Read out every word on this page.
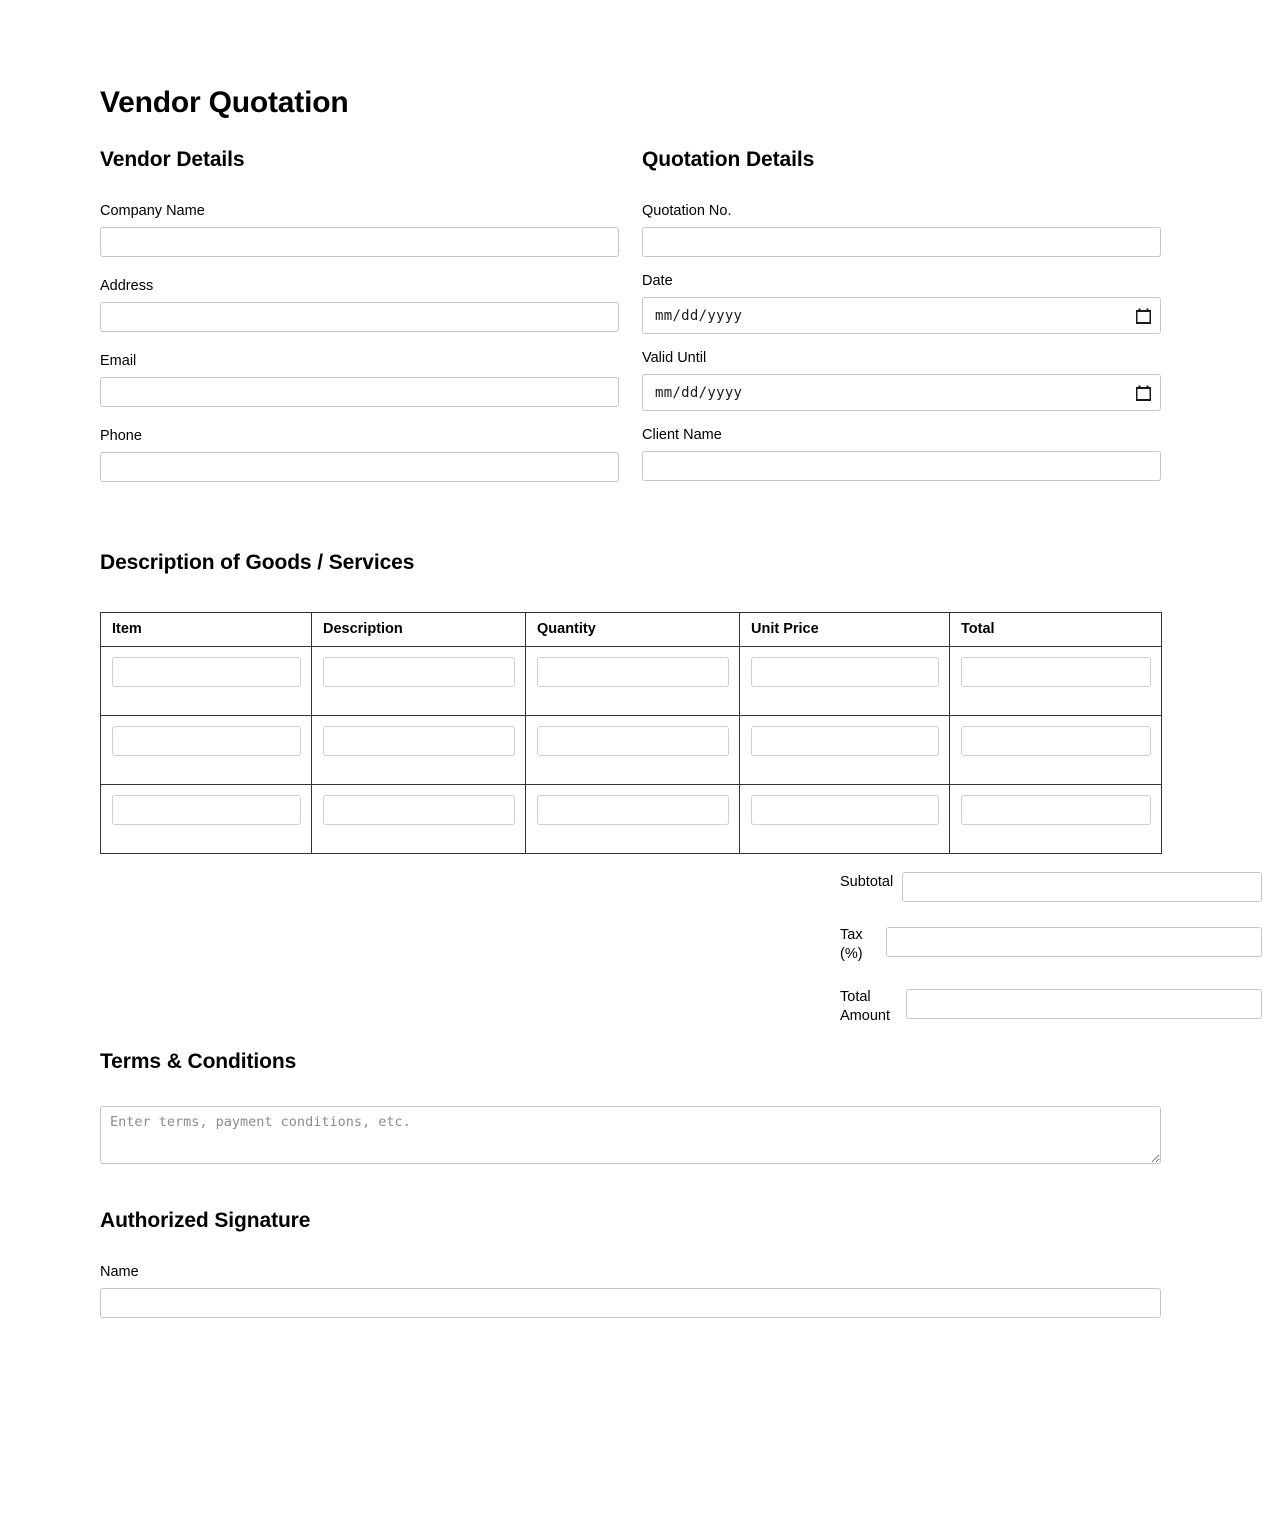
Vendor Quotation
Vendor Details
Company Name
Address
Email
Phone
Quotation Details
Quotation No.
Date
mm/dd/yyyy
Valid Until
mm/dd/yyyy
Client Name
Description of Goods / Services
Item	Description	Quantity	Unit Price	Total

Subtotal
Tax (%)
Total Amount
Terms & Conditions
Enter terms, payment conditions, etc.
Authorized Signature
Name
